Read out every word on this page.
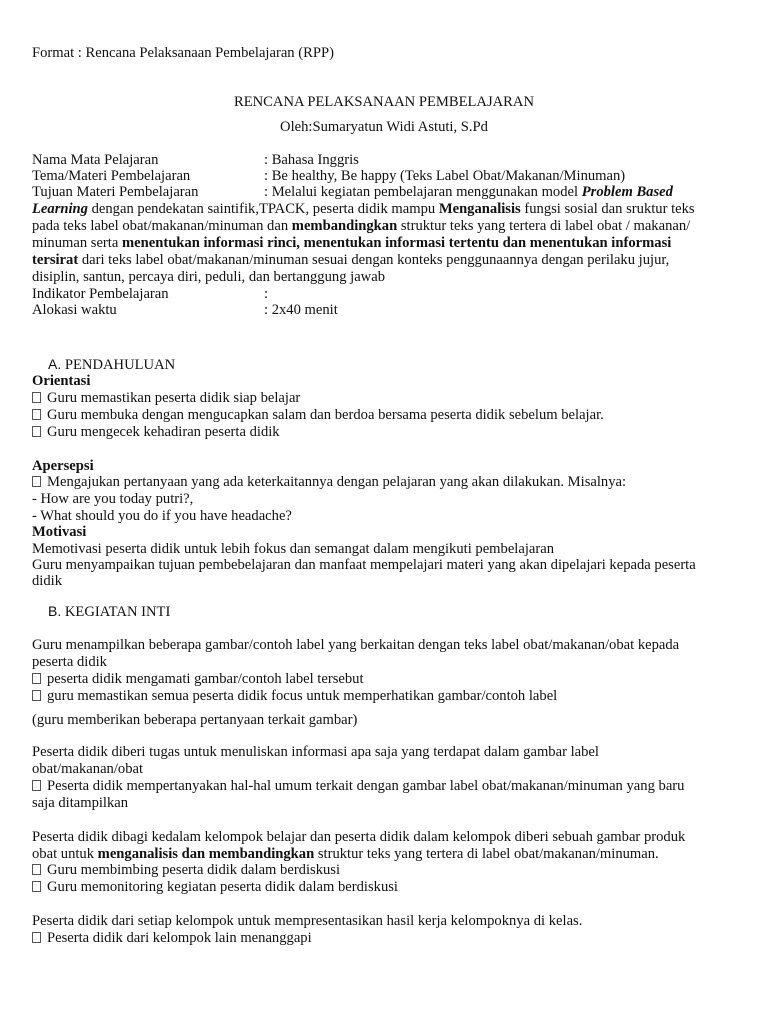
Format : Rencana Pelaksanaan Pembelajaran (RPP)
RENCANA PELAKSANAAN PEMBELAJARAN
Oleh:Sumaryatun Widi Astuti, S.Pd
Nama Mata Pelajaran	: Bahasa Inggris
Tema/Materi Pembelajaran	: Be healthy, Be happy (Teks Label Obat/Makanan/Minuman)
Tujuan Materi Pembelajaran	: Melalui kegiatan pembelajaran menggunakan model Problem Based
Learning dengan pendekatan saintifik,TPACK, peserta didik mampu Menganalisis fungsi sosial dan sruktur teks
pada teks label obat/makanan/minuman dan membandingkan struktur teks yang tertera di label obat / makanan/
minuman serta menentukan informasi rinci, menentukan informasi tertentu dan menentukan informasi
tersirat dari teks label obat/makanan/minuman sesuai dengan konteks penggunaannya dengan perilaku jujur,
disiplin, santun, percaya diri, peduli, dan bertanggung jawab
Indikator Pembelajaran	:
Alokasi waktu	: 2x40 menit
A. PENDAHULUAN
Orientasi
Guru memastikan peserta didik siap belajar
Guru membuka dengan mengucapkan salam dan berdoa bersama peserta didik sebelum belajar.
Guru mengecek kehadiran peserta didik
Apersepsi
Mengajukan pertanyaan yang ada keterkaitannya dengan pelajaran yang akan dilakukan. Misalnya:
- How are you today putri?,
- What should you do if you have headache?
Motivasi
Memotivasi peserta didik untuk lebih fokus dan semangat dalam mengikuti pembelajaran
Guru menyampaikan tujuan pembebelajaran dan manfaat mempelajari materi yang akan dipelajari kepada peserta
didik
B. KEGIATAN INTI
Guru menampilkan beberapa gambar/contoh label yang berkaitan dengan teks label obat/makanan/obat kepada
peserta didik
peserta didik mengamati gambar/contoh label tersebut
guru memastikan semua peserta didik focus untuk memperhatikan gambar/contoh label
(guru memberikan beberapa pertanyaan terkait gambar)
Peserta didik diberi tugas untuk menuliskan informasi apa saja yang terdapat dalam gambar label
obat/makanan/obat
Peserta didik mempertanyakan hal-hal umum terkait dengan gambar label obat/makanan/minuman yang baru
saja ditampilkan
Peserta didik dibagi kedalam kelompok belajar dan peserta didik dalam kelompok diberi sebuah gambar produk
obat untuk menganalisis dan membandingkan struktur teks yang tertera di label obat/makanan/minuman.
Guru membimbing peserta didik dalam berdiskusi
Guru memonitoring kegiatan peserta didik dalam berdiskusi
Peserta didik dari setiap kelompok untuk mempresentasikan hasil kerja kelompoknya di kelas.
Peserta didik dari kelompok lain menanggapi
